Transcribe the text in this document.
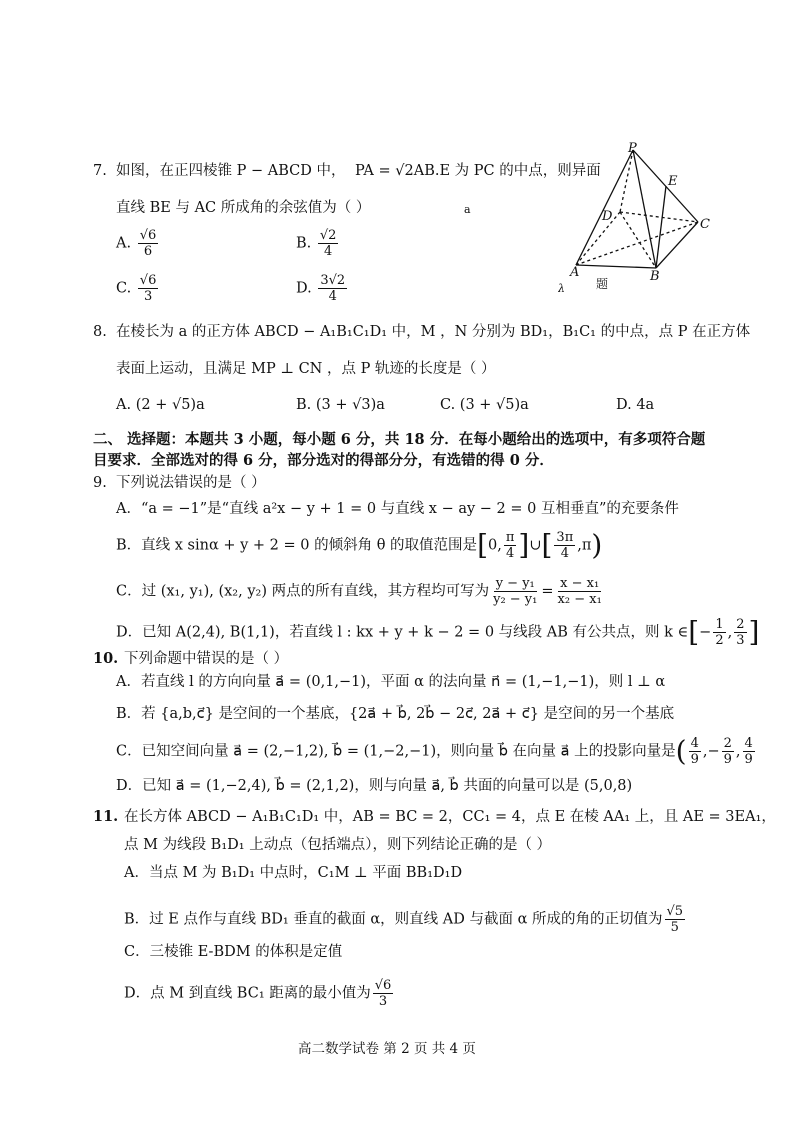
7. 如图，在正四棱锥 P − ABCD 中， PA = √2AB.E 为 PC 的中点，则异面
直线 BE 与 AC 所成角的余弦值为（ ）	a
A. $\frac{√6}{6}$	B. $\frac{√2}{4}$
C. $\frac{√6}{3}$	D. $\frac{3√2}{4}$
P
E
D
C
A	B
λ	题
8. 在棱长为 a 的正方体 ABCD − A₁B₁C₁D₁ 中，M ，N 分别为 BD₁，B₁C₁ 的中点，点 P 在正方体
表面上运动，且满足 MP ⊥ CN ，点 P 轨迹的长度是（ ）
A. (2 + √5)a	B. (3 + √3)a	C. (3 + √5)a	D. 4a
二、 选择题：本题共 3 小题，每小题 6 分，共 18 分．在每小题给出的选项中，有多项符合题
目要求．全部选对的得 6 分，部分选对的得部分分，有选错的得 0 分．
9. 下列说法错误的是（ ）
A．“a = −1”是“直线 a²x − y + 1 = 0 与直线 x − ay − 2 = 0 互相垂直”的充要条件
B．直线 x sinα + y + 2 = 0 的倾斜角 θ 的取值范围是[0, $\frac{\pi}{4}$ ]∪[ $\frac{3\pi}{4} ,\pi$)
C．过 (x₁, y₁), (x₂, y₂) 两点的所有直线，其方程均可写为 $\frac{\text{y − y₁}}{\text{y₂ − y₁}} = \frac{\text{x − x₁}}{\text{x₂ − x₁}}$
D．已知 A(2,4), B(1,1)，若直线 l : kx + y + k − 2 = 0 与线段 AB 有公共点，则 k ∈[− $\frac{1}{2}$ , $\frac{2}{3}$ ]
10. 下列命题中错误的是（ ）
A．若直线 l 的方向向量 a⃗ = (0,1,−1)，平面 α 的法向量 n⃗ = (1,−1,−1)，则 l ⊥ α
B．若 {a,b,c⃗} 是空间的一个基底，{2a⃗ + b⃗, 2b⃗ − 2c⃗, 2a⃗ + c⃗} 是空间的另一个基底
C．已知空间向量 a⃗ = (2,−1,2), b⃗ = (1,−2,−1)，则向量 b⃗ 在向量 a⃗ 上的投影向量是( $\frac{4}{9}$ ,− $\frac{2}{9}$ , $\frac{4}{9}$
D．已知 a⃗ = (1,−2,4), b⃗ = (2,1,2)，则与向量 a⃗, b⃗ 共面的向量可以是 (5,0,8)
11. 在长方体 ABCD − A₁B₁C₁D₁ 中，AB = BC = 2，CC₁ = 4，点 E 在棱 AA₁ 上，且 AE = 3EA₁，
点 M 为线段 B₁D₁ 上动点（包括端点），则下列结论正确的是（ ）
A．当点 M 为 B₁D₁ 中点时，C₁M ⊥ 平面 BB₁D₁D
B．过 E 点作与直线 BD₁ 垂直的截面 α，则直线 AD 与截面 α 所成的角的正切值为 $\frac{√5}{5}$
C．三棱锥 E-BDM 的体积是定值
D．点 M 到直线 BC₁ 距离的最小值为 $\frac{√6}{3}$
高二数学试卷 第 2 页 共 4 页
